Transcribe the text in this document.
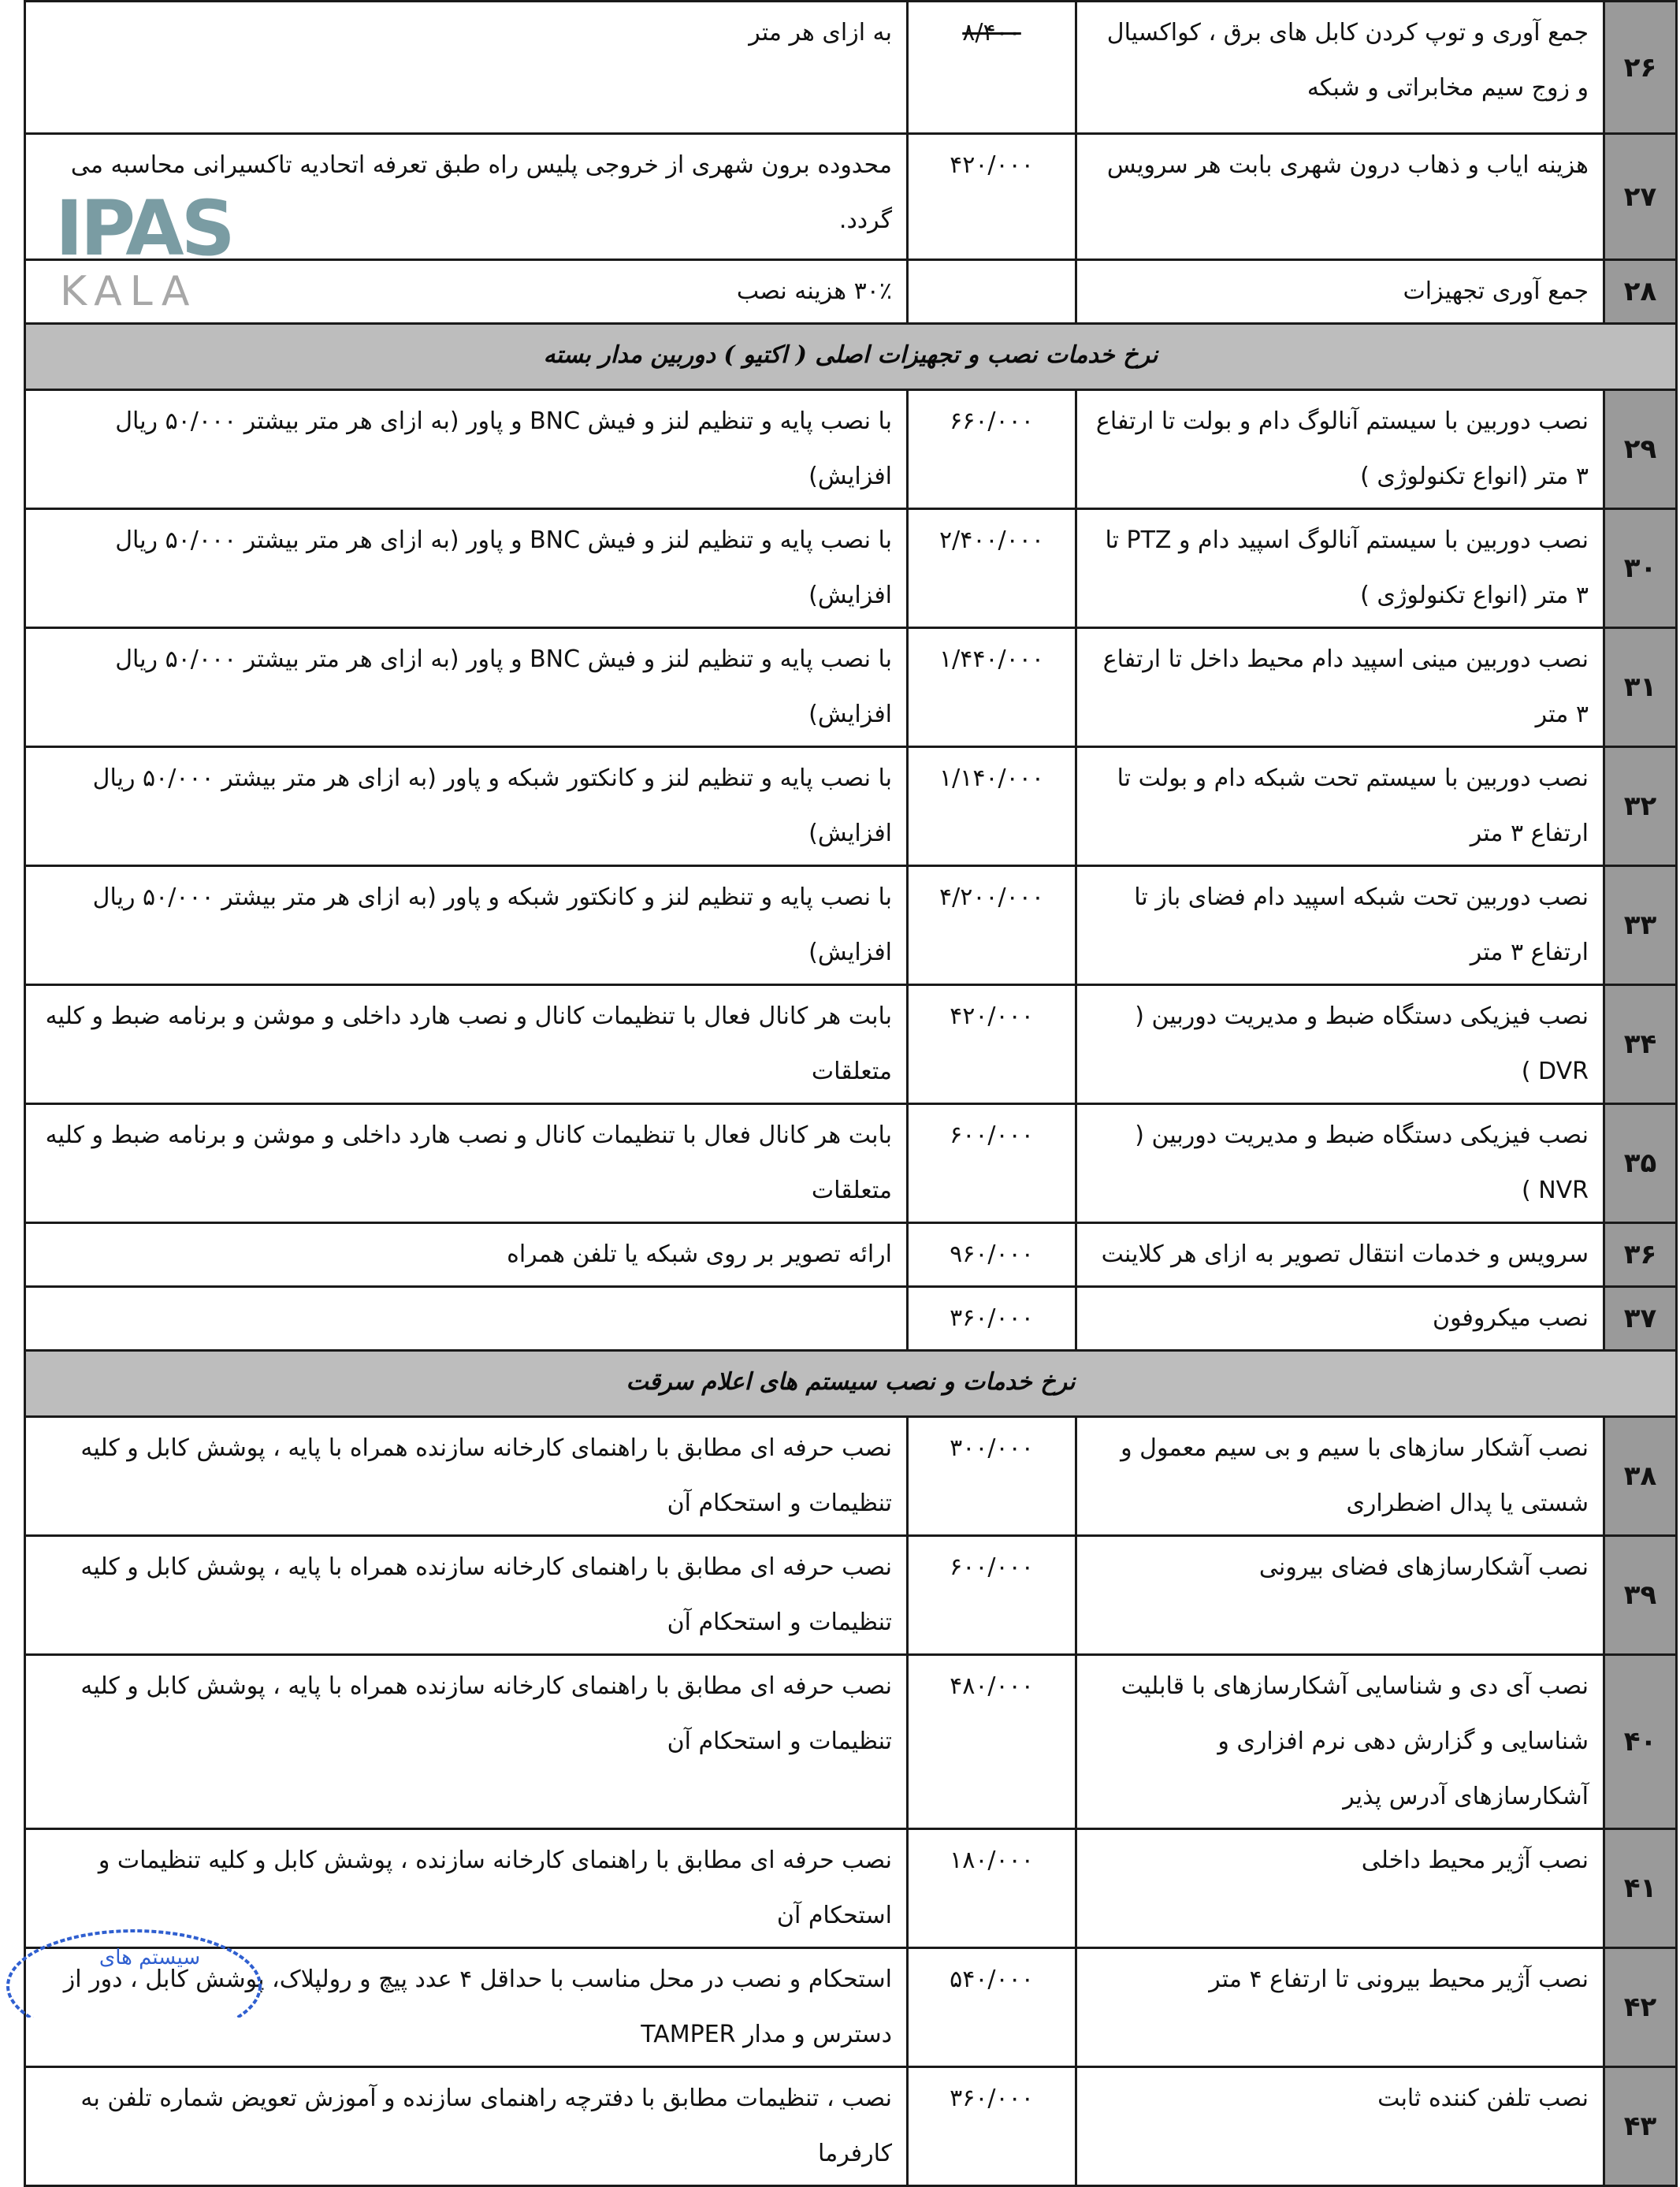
۲۶	جمع آوری و توپ کردن کابل های برق ، کواکسیال و زوج سیم مخابراتی و شبکه	۸/۴۰۰	به ازای هر متر
۲۷	هزینه ایاب و ذهاب درون شهری بابت هر سرویس	۴۲۰/۰۰۰	محدوده برون شهری از خروجی پلیس راه طبق تعرفه اتحادیه تاکسیرانی محاسبه می گردد.
۲۸	جمع آوری تجهیزات		۳۰٪ هزینه نصب
نرخ خدمات نصب و تجهیزات اصلی ( اکتیو ) دوربین مدار بسته			
۲۹	نصب دوربین با سیستم آنالوگ دام و بولت تا ارتفاع ۳ متر (انواع تکنولوژی )	۶۶۰/۰۰۰	با نصب پایه و تنظیم لنز و فیش BNC و پاور (به ازای هر متر بیشتر ۵۰/۰۰۰ ریال افزایش)
۳۰	نصب دوربین با سیستم آنالوگ اسپید دام و PTZ تا ۳ متر (انواع تکنولوژی )	۲/۴۰۰/۰۰۰	با نصب پایه و تنظیم لنز و فیش BNC و پاور (به ازای هر متر بیشتر ۵۰/۰۰۰ ریال افزایش)
۳۱	نصب دوربین مینی اسپید دام محیط داخل تا ارتفاع ۳ متر	۱/۴۴۰/۰۰۰	با نصب پایه و تنظیم لنز و فیش BNC و پاور (به ازای هر متر بیشتر ۵۰/۰۰۰ ریال افزایش)
۳۲	نصب دوربین با سیستم تحت شبکه دام و بولت تا ارتفاع ۳ متر	۱/۱۴۰/۰۰۰	با نصب پایه و تنظیم لنز و کانکتور شبکه و پاور (به ازای هر متر بیشتر ۵۰/۰۰۰ ریال افزایش)
۳۳	نصب دوربین تحت شبکه اسپید دام فضای باز تا ارتفاع ۳ متر	۴/۲۰۰/۰۰۰	با نصب پایه و تنظیم لنز و کانکتور شبکه و پاور (به ازای هر متر بیشتر ۵۰/۰۰۰ ریال افزایش)
۳۴	نصب فیزیکی دستگاه ضبط و مدیریت دوربین ( DVR )	۴۲۰/۰۰۰	بابت هر کانال فعال با تنظیمات کانال و نصب هارد داخلی و موشن و برنامه ضبط و کلیه متعلقات
۳۵	نصب فیزیکی دستگاه ضبط و مدیریت دوربین ( NVR )	۶۰۰/۰۰۰	بابت هر کانال فعال با تنظیمات کانال و نصب هارد داخلی و موشن و برنامه ضبط و کلیه متعلقات
۳۶	سرویس و خدمات انتقال تصویر به ازای هر کلاینت	۹۶۰/۰۰۰	ارائه تصویر بر روی شبکه یا تلفن همراه
۳۷	نصب میکروفون	۳۶۰/۰۰۰	
نرخ خدمات و نصب سیستم های اعلام سرقت			
۳۸	نصب آشکار سازهای با سیم و بی سیم معمول و شستی یا پدال اضطراری	۳۰۰/۰۰۰	نصب حرفه ای مطابق با راهنمای کارخانه سازنده همراه با پایه ، پوشش کابل و کلیه تنظیمات و استحکام آن
۳۹	نصب آشکارسازهای فضای بیرونی	۶۰۰/۰۰۰	نصب حرفه ای مطابق با راهنمای کارخانه سازنده همراه با پایه ، پوشش کابل و کلیه تنظیمات و استحکام آن
۴۰	نصب آی دی و شناسایی آشکارسازهای با قابلیت شناسایی و گزارش دهی نرم افزاری و آشکارسازهای آدرس پذیر	۴۸۰/۰۰۰	نصب حرفه ای مطابق با راهنمای کارخانه سازنده همراه با پایه ، پوشش کابل و کلیه تنظیمات و استحکام آن
۴۱	نصب آژیر محیط داخلی	۱۸۰/۰۰۰	نصب حرفه ای مطابق با راهنمای کارخانه سازنده ، پوشش کابل و کلیه تنظیمات و استحکام آن
۴۲	نصب آژیر محیط بیرونی تا ارتفاع ۴ متر	۵۴۰/۰۰۰	استحکام و نصب در محل مناسب با حداقل ۴ عدد پیچ و رولپلاک، پوشش کابل ، دور از دسترس و مدار TAMPER
۴۳	نصب تلفن کننده ثابت	۳۶۰/۰۰۰	نصب ، تنظیمات مطابق با دفترچه راهنمای سازنده و آموزش تعویض شماره تلفن به کارفرما
IPAS
KALA
سیستم های
